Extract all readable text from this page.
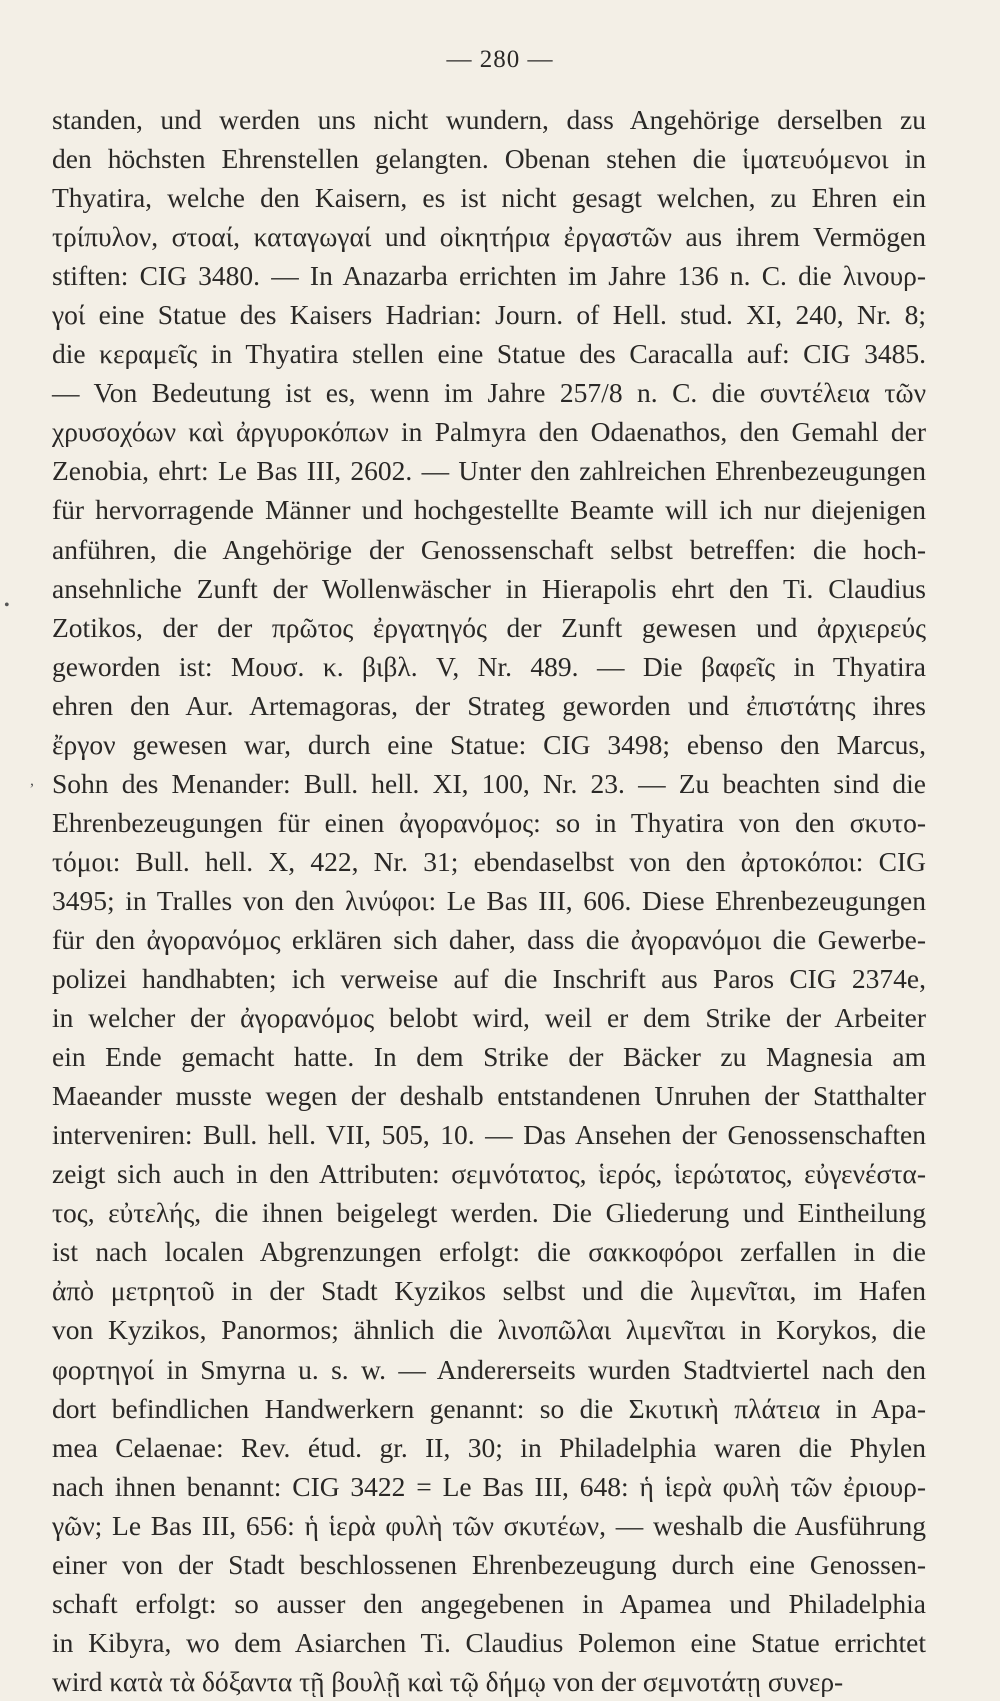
— 280 —
•
,
standen, und werden uns nicht wundern, dass Angehörige derselben zu
den höchsten Ehrenstellen gelangten. Obenan stehen die ἱματευόμενοι in
Thyatira, welche den Kaisern, es ist nicht gesagt welchen, zu Ehren ein
τρίπυλον, στοαί, καταγωγαί und οἰκητήρια ἐργαστῶν aus ihrem Vermögen
stiften: CIG 3480. — In Anazarba errichten im Jahre 136 n. C. die λινουρ-
γοί eine Statue des Kaisers Hadrian: Journ. of Hell. stud. XI, 240, Nr. 8;
die κεραμεῖς in Thyatira stellen eine Statue des Caracalla auf: CIG 3485.
— Von Bedeutung ist es, wenn im Jahre 257/8 n. C. die συντέλεια τῶν
χρυσοχόων καὶ ἀργυροκόπων in Palmyra den Odaenathos, den Gemahl der
Zenobia, ehrt: Le Bas III, 2602. — Unter den zahlreichen Ehrenbezeugungen
für hervorragende Männer und hochgestellte Beamte will ich nur diejenigen
anführen, die Angehörige der Genossenschaft selbst betreffen: die hoch-
ansehnliche Zunft der Wollenwäscher in Hierapolis ehrt den Ti. Claudius
Zotikos, der der πρῶτος ἐργατηγός der Zunft gewesen und ἀρχιερεύς
geworden ist: Μουσ. κ. βιβλ. V, Nr. 489. — Die βαφεῖς in Thyatira
ehren den Aur. Artemagoras, der Strateg geworden und ἐπιστάτης ihres
ἔργον gewesen war, durch eine Statue: CIG 3498; ebenso den Marcus,
Sohn des Menander: Bull. hell. XI, 100, Nr. 23. — Zu beachten sind die
Ehrenbezeugungen für einen ἀγορανόμος: so in Thyatira von den σκυτο-
τόμοι: Bull. hell. X, 422, Nr. 31; ebendaselbst von den ἀρτοκόποι: CIG
3495; in Tralles von den λινύφοι: Le Bas III, 606. Diese Ehrenbezeugungen
für den ἀγορανόμος erklären sich daher, dass die ἀγορανόμοι die Gewerbe-
polizei handhabten; ich verweise auf die Inschrift aus Paros CIG 2374e,
in welcher der ἀγορανόμος belobt wird, weil er dem Strike der Arbeiter
ein Ende gemacht hatte. In dem Strike der Bäcker zu Magnesia am
Maeander musste wegen der deshalb entstandenen Unruhen der Statthalter
interveniren: Bull. hell. VII, 505, 10. — Das Ansehen der Genossenschaften
zeigt sich auch in den Attributen: σεμνότατος, ἱερός, ἱερώτατος, εὐγενέστα-
τος, εὐτελής, die ihnen beigelegt werden. Die Gliederung und Eintheilung
ist nach localen Abgrenzungen erfolgt: die σακκοφόροι zerfallen in die
ἀπὸ μετρητοῦ in der Stadt Kyzikos selbst und die λιμενῖται, im Hafen
von Kyzikos, Panormos; ähnlich die λινοπῶλαι λιμενῖται in Korykos, die
φορτηγοί in Smyrna u. s. w. — Andererseits wurden Stadtviertel nach den
dort befindlichen Handwerkern genannt: so die Σκυτικὴ πλάτεια in Apa-
mea Celaenae: Rev. étud. gr. II, 30; in Philadelphia waren die Phylen
nach ihnen benannt: CIG 3422 = Le Bas III, 648: ἡ ἱερὰ φυλὴ τῶν ἐριουρ-
γῶν; Le Bas III, 656: ἡ ἱερὰ φυλὴ τῶν σκυτέων, — weshalb die Ausführung
einer von der Stadt beschlossenen Ehrenbezeugung durch eine Genossen-
schaft erfolgt: so ausser den angegebenen in Apamea und Philadelphia
in Kibyra, wo dem Asiarchen Ti. Claudius Polemon eine Statue errichtet
wird κατὰ τὰ δόξαντα τῇ βουλῇ καὶ τῷ δήμῳ von der σεμνοτάτῃ συνερ-
